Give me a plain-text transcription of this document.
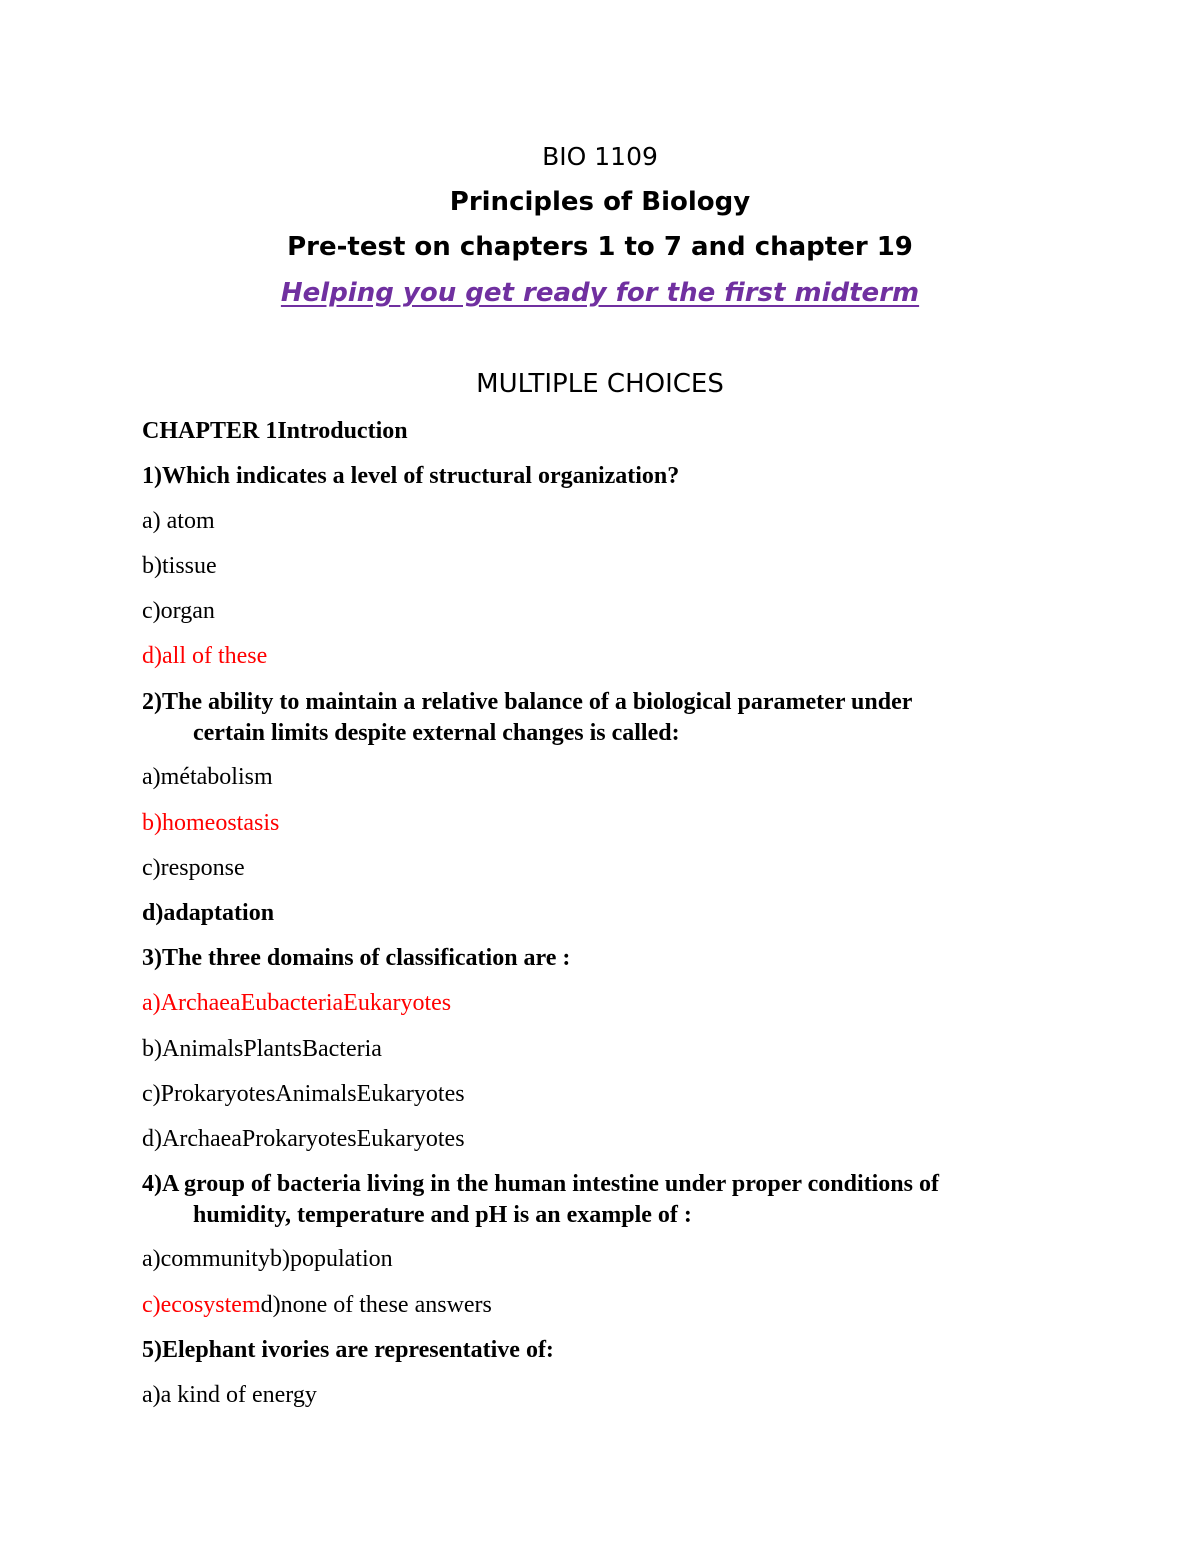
BIO 1109
Principles of Biology
Pre-test on chapters 1 to 7 and chapter 19
Helping you get ready for the first midterm
MULTIPLE CHOICES
CHAPTER 1Introduction
1)Which indicates a level of structural organization?
a) atom
b)tissue
c)organ
d)all of these
2)The ability to maintain a relative balance of a biological parameter under
certain limits despite external changes is called:
a)métabolism
b)homeostasis
c)response
d)adaptation
3)The three domains of classification are :
a)ArchaeaEubacteriaEukaryotes
b)AnimalsPlantsBacteria
c)ProkaryotesAnimalsEukaryotes
d)ArchaeaProkaryotesEukaryotes
4)A group of bacteria living in the human intestine under proper conditions of
humidity, temperature and pH is an example of :
a)communityb)population
c)ecosystemd)none of these answers
5)Elephant ivories are representative of:
a)a kind of energy
